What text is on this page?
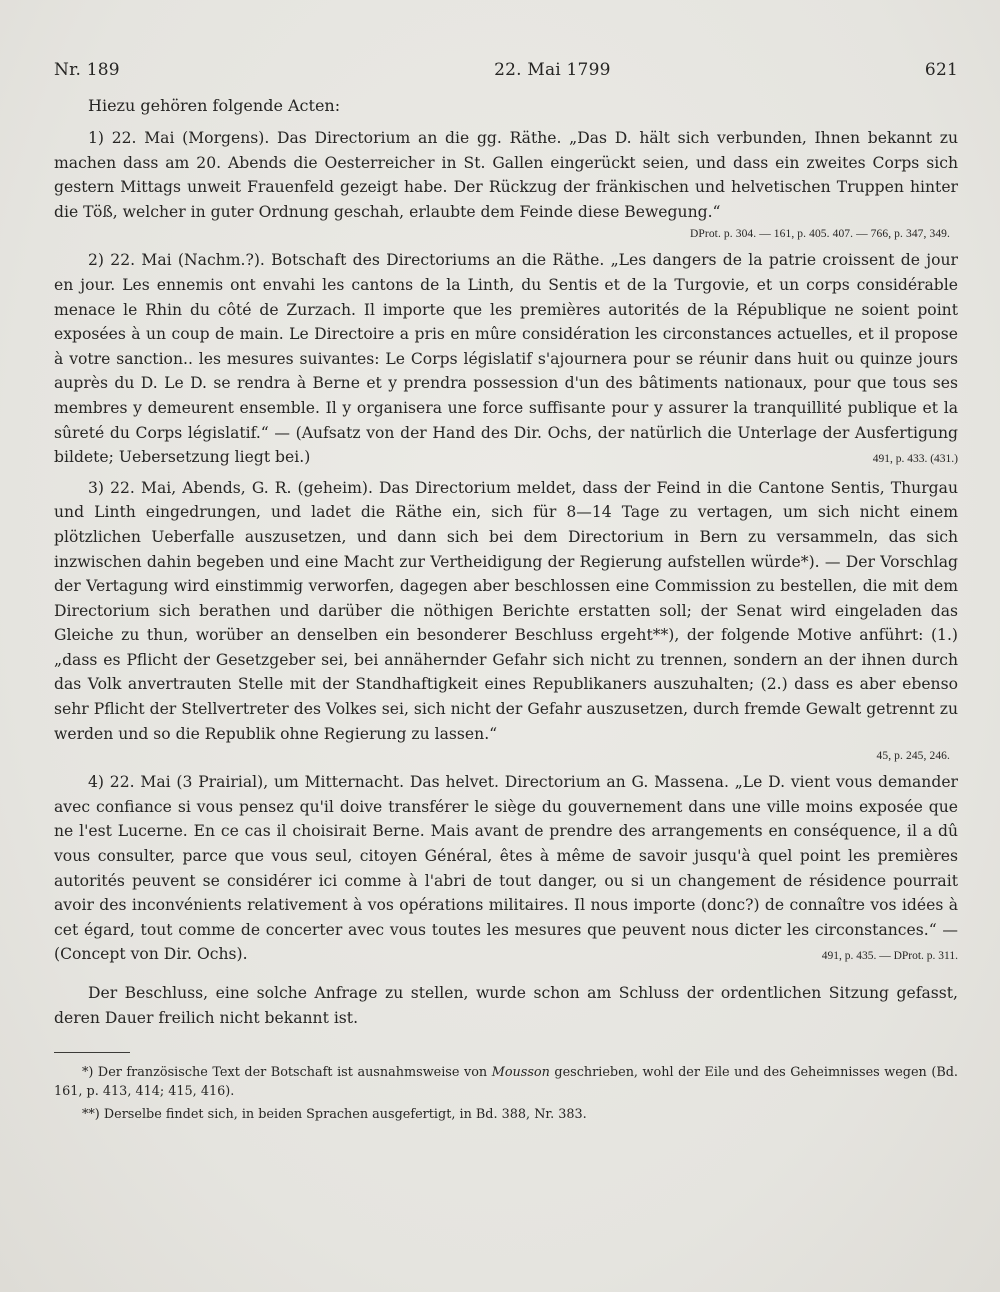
Nr. 189	22. Mai 1799	621
Hiezu gehören folgende Acten:

1) 22. Mai (Morgens). Das Directorium an die gg. Räthe. „Das D. hält sich verbunden, Ihnen bekannt zu machen dass am 20. Abends die Oesterreicher in St. Gallen eingerückt seien, und dass ein zweites Corps sich gestern Mittags unweit Frauenfeld gezeigt habe. Der Rückzug der fränkischen und helvetischen Truppen hinter die Töß, welcher in guter Ordnung geschah, erlaubte dem Feinde diese Bewegung.“

DProt. p. 304. — 161, p. 405. 407. — 766, p. 347, 349.

2) 22. Mai (Nachm.?). Botschaft des Directoriums an die Räthe. „Les dangers de la patrie croissent de jour en jour. Les ennemis ont envahi les cantons de la Linth, du Sentis et de la Turgovie, et un corps considérable menace le Rhin du côté de Zurzach. Il importe que les premières autorités de la République ne soient point exposées à un coup de main. Le Directoire a pris en mûre considération les circonstances actuelles, et il propose à votre sanction.. les mesures suivantes: Le Corps législatif s'ajournera pour se réunir dans huit ou quinze jours auprès du D. Le D. se rendra à Berne et y prendra possession d'un des bâtiments nationaux, pour que tous ses membres y demeurent ensemble. Il y organisera une force suffisante pour y assurer la tranquillité publique et la sûreté du Corps législatif.“ — (Aufsatz von der Hand des Dir. Ochs, der natürlich die Unterlage der Ausfertigung bildete; Uebersetzung liegt bei.)	491, p. 433. (431.)

3) 22. Mai, Abends, G. R. (geheim). Das Directorium meldet, dass der Feind in die Cantone Sentis, Thurgau und Linth eingedrungen, und ladet die Räthe ein, sich für 8—14 Tage zu vertagen, um sich nicht einem plötzlichen Ueberfalle auszusetzen, und dann sich bei dem Directorium in Bern zu versammeln, das sich inzwischen dahin begeben und eine Macht zur Vertheidigung der Regierung aufstellen würde*). — Der Vorschlag der Vertagung wird einstimmig verworfen, dagegen aber beschlossen eine Commission zu bestellen, die mit dem Directorium sich berathen und darüber die nöthigen Berichte erstatten soll; der Senat wird eingeladen das Gleiche zu thun, worüber an denselben ein besonderer Beschluss ergeht**), der folgende Motive anführt: (1.) „dass es Pflicht der Gesetzgeber sei, bei annähernder Gefahr sich nicht zu trennen, sondern an der ihnen durch das Volk anvertrauten Stelle mit der Standhaftigkeit eines Republikaners auszuhalten; (2.) dass es aber ebenso sehr Pflicht der Stellvertreter des Volkes sei, sich nicht der Gefahr auszusetzen, durch fremde Gewalt getrennt zu werden und so die Republik ohne Regierung zu lassen.“

45, p. 245, 246.

4) 22. Mai (3 Prairial), um Mitternacht. Das helvet. Directorium an G. Massena. „Le D. vient vous demander avec confiance si vous pensez qu'il doive transférer le siège du gouvernement dans une ville moins exposée que ne l'est Lucerne. En ce cas il choisirait Berne. Mais avant de prendre des arrangements en conséquence, il a dû vous consulter, parce que vous seul, citoyen Général, êtes à même de savoir jusqu'à quel point les premières autorités peuvent se considérer ici comme à l'abri de tout danger, ou si un changement de résidence pourrait avoir des inconvénients relativement à vos opérations militaires. Il nous importe (donc?) de connaître vos idées à cet égard, tout comme de concerter avec vous toutes les mesures que peuvent nous dicter les circonstances.“ — (Concept von Dir. Ochs).	491, p. 435. — DProt. p. 311.

Der Beschluss, eine solche Anfrage zu stellen, wurde schon am Schluss der ordentlichen Sitzung gefasst, deren Dauer freilich nicht bekannt ist.

*) Der französische Text der Botschaft ist ausnahmsweise von Mousson geschrieben, wohl der Eile und des Geheimnisses wegen (Bd. 161, p. 413, 414; 415, 416).

**) Derselbe findet sich, in beiden Sprachen ausgefertigt, in Bd. 388, Nr. 383.
